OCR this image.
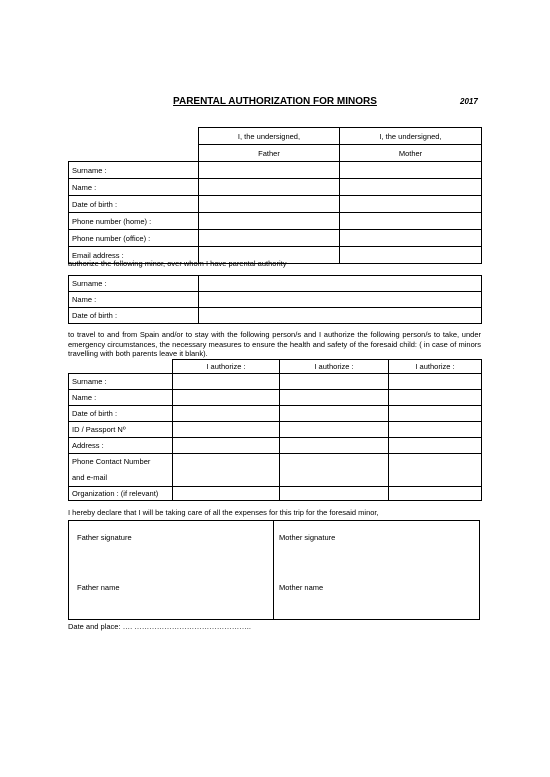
PARENTAL AUTHORIZATION FOR MINORS	2017
	I, the undersigned,	I, the undersigned,
	Father	Mother
Surname :		
Name :		
Date of birth :		
Phone number (home) :		
Phone number (office) :		
Email address :		
authorize the following minor, over whom I have parental authority
Surname :	
Name :	
Date of birth :	
to travel to and from Spain and/or to stay with the following person/s and I authorize the following person/s to take, under emergency circumstances, the necessary measures to ensure the health and safety of the foresaid child: ( in case of minors travelling with both parents leave it blank).
	I authorize :	I authorize :	I authorize :
Surname :			
Name :			
Date of birth :			
ID / Passport Nº			
Address :			

Phone Contact Number
and e-mail			

Organization : (if relevant)			
I hereby declare that I will be taking care of all the expenses for this trip for the foresaid minor,
Father signature	Mother signature
Father name	Mother name
Date and place: …. ………………………………………..
